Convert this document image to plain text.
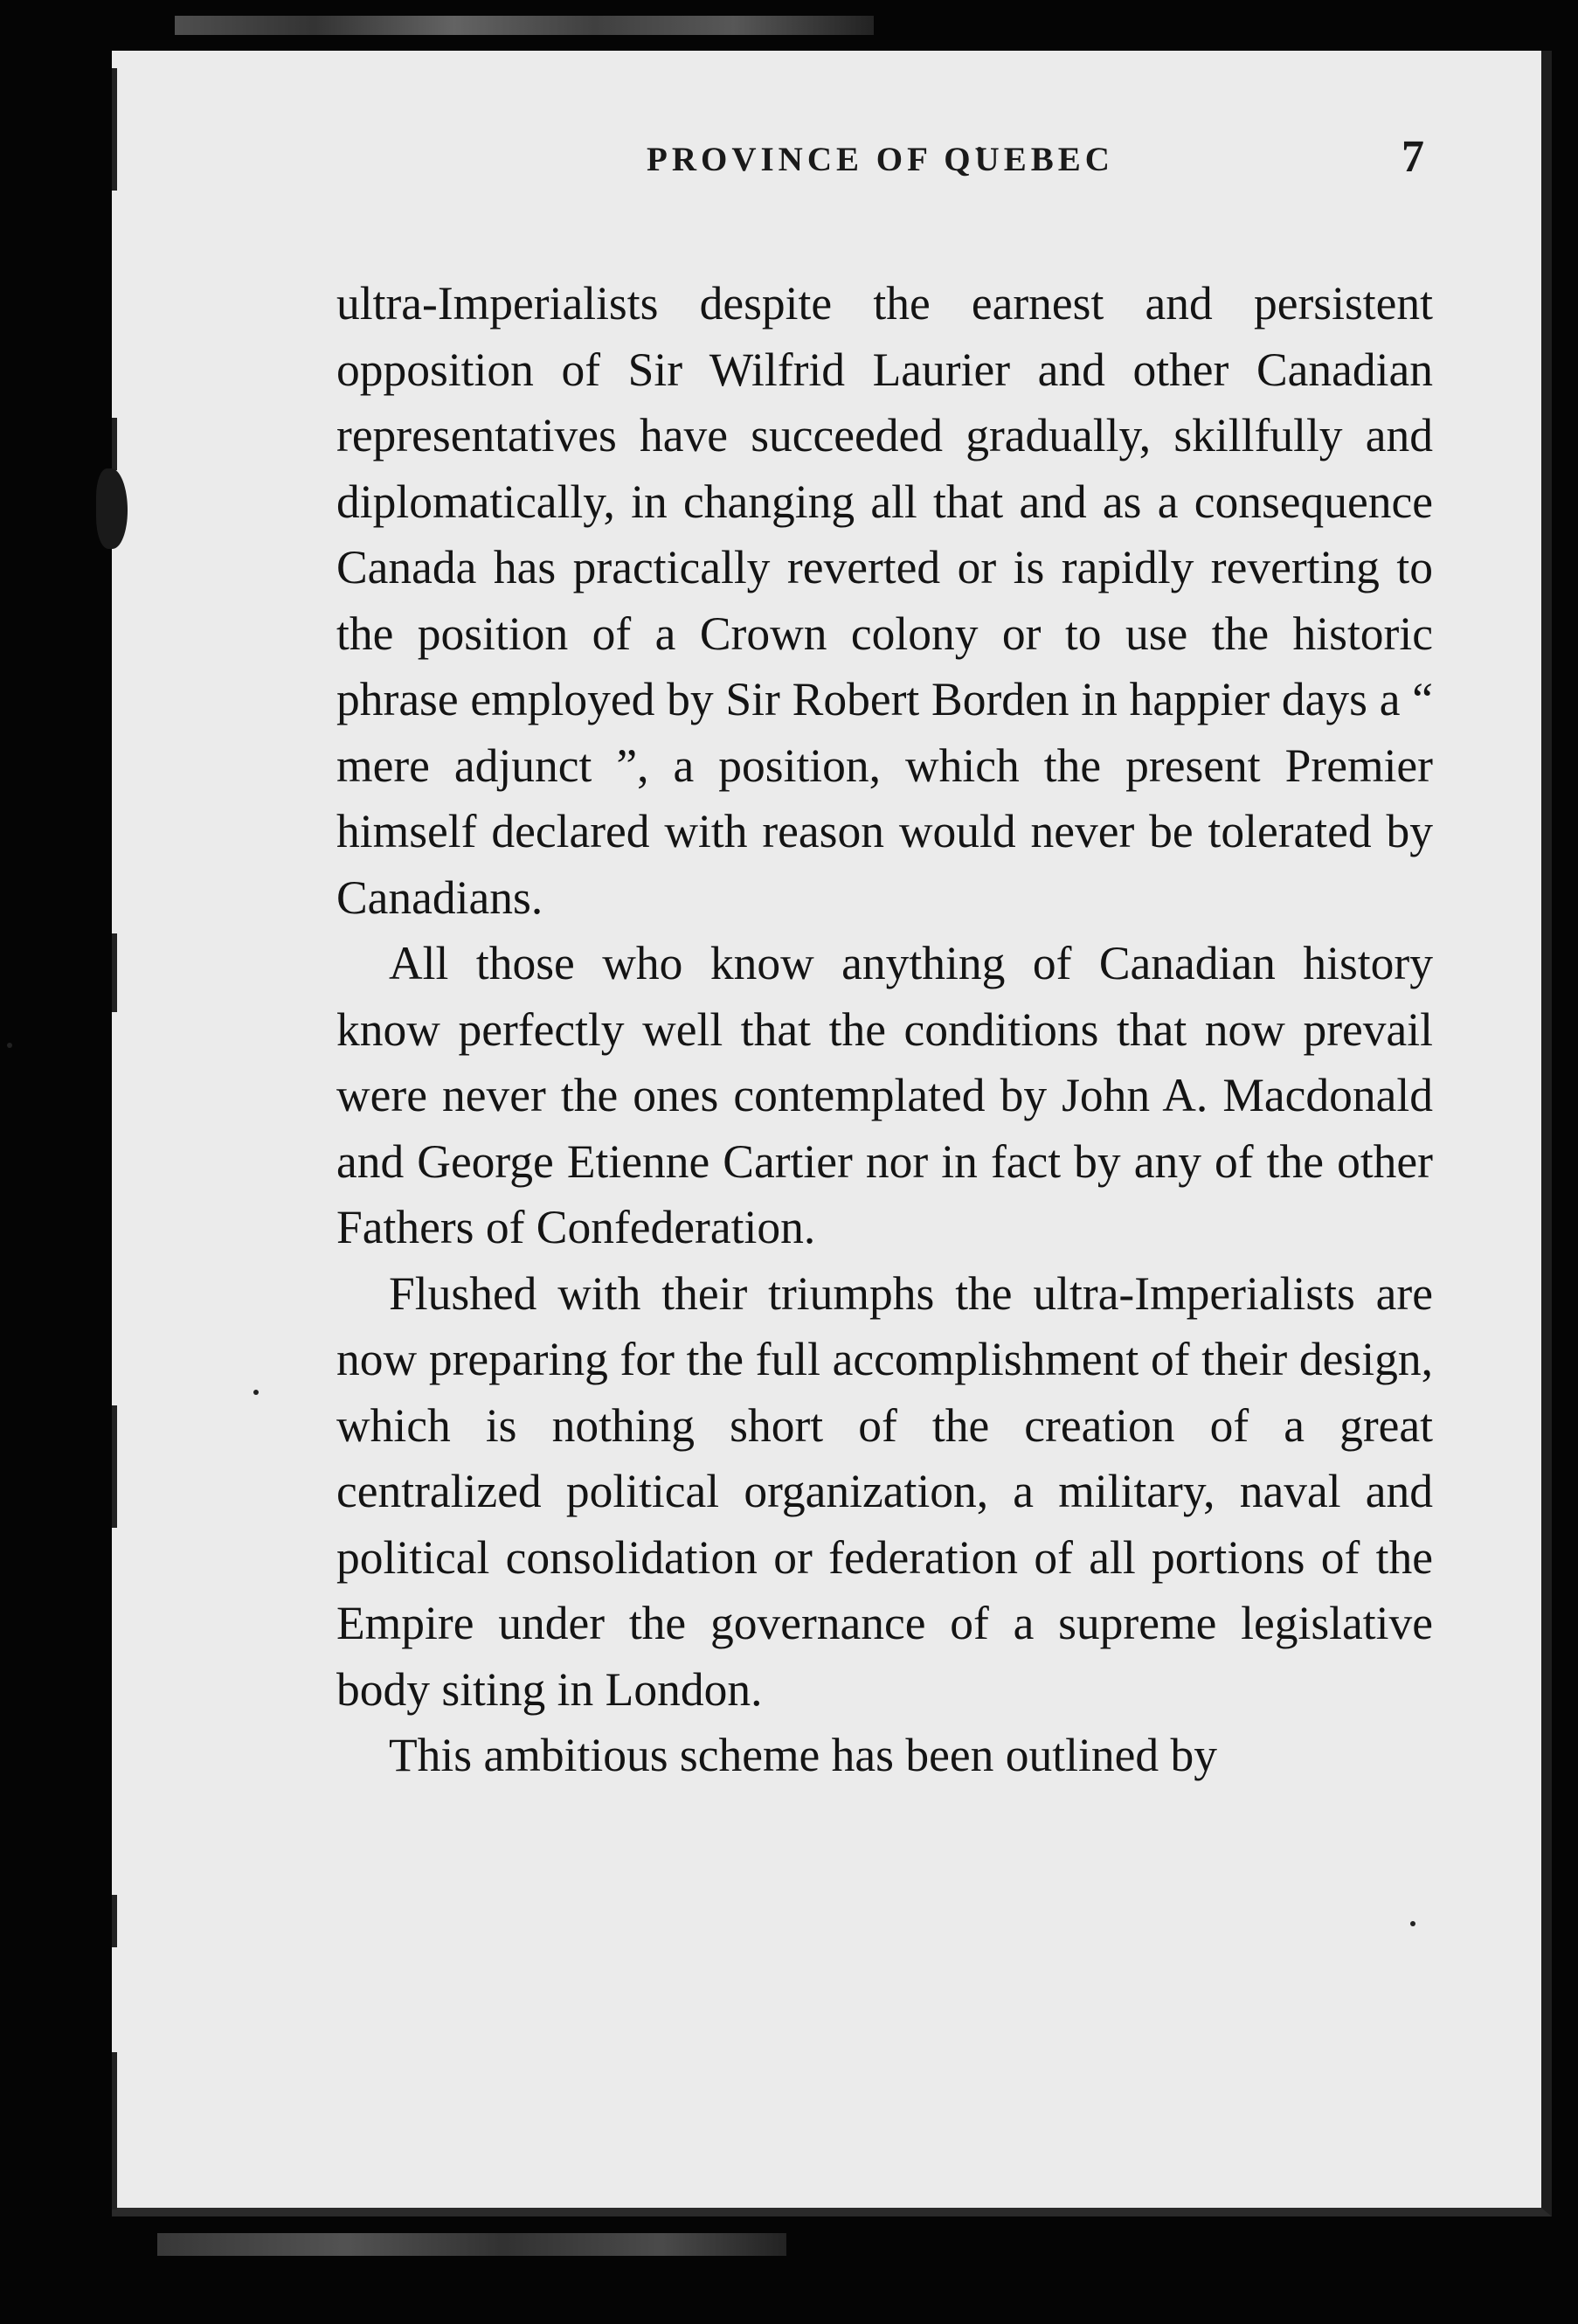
PROVINCE OF QUEBEC	7

ultra-Imperialists despite the earnest and persistent opposition of Sir Wilfrid Laurier and other Canadian representatives have succeeded gradually, skillfully and diplomatically, in changing all that and as a consequence Canada has practically reverted or is rapidly reverting to the position of a Crown colony or to use the historic phrase employed by Sir Robert Borden in happier days a “ mere adjunct ”, a position, which the present Premier himself declared with reason would never be tolerated by Canadians.

All those who know anything of Canadian history know perfectly well that the conditions that now prevail were never the ones contemplated by John A. Macdonald and George Etienne Cartier nor in fact by any of the other Fathers of Confederation.

Flushed with their triumphs the ultra-Imperialists are now preparing for the full accomplishment of their design, which is nothing short of the creation of a great centralized political organization, a military, naval and political consolidation or federation of all portions of the Empire under the governance of a supreme legislative body siting in London.

This ambitious scheme has been outlined by
